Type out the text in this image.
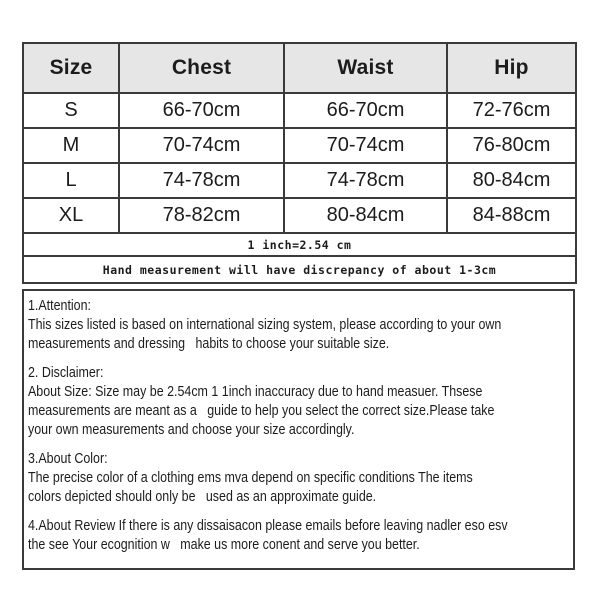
Size	Chest	Waist	Hip
S	66-70cm	66-70cm	72-76cm
M	70-74cm	70-74cm	76-80cm
L	74-78cm	74-78cm	80-84cm
XL	78-82cm	80-84cm	84-88cm
1 inch=2.54 cm			
Hand measurement will have discrepancy of about 1-3cm			
1.Attention:
This sizes listed is based on international sizing system, please according to your own
measurements and dressing   habits to choose your suitable size.
2. Disclaimer:
About Size: Size may be 2.54cm 1 1inch inaccuracy due to hand measuer. Thsese
measurements are meant as a   guide to help you select the correct size.Please take
your own measurements and choose your size accordingly.
3.About Color:
The precise color of a clothing ems mva depend on specific conditions The items
colors depicted should only be   used as an approximate guide.
4.About Review If there is any dissaisacon please emails before leaving nadler eso esv
the see Your ecognition w   make us more conent and serve you better.
